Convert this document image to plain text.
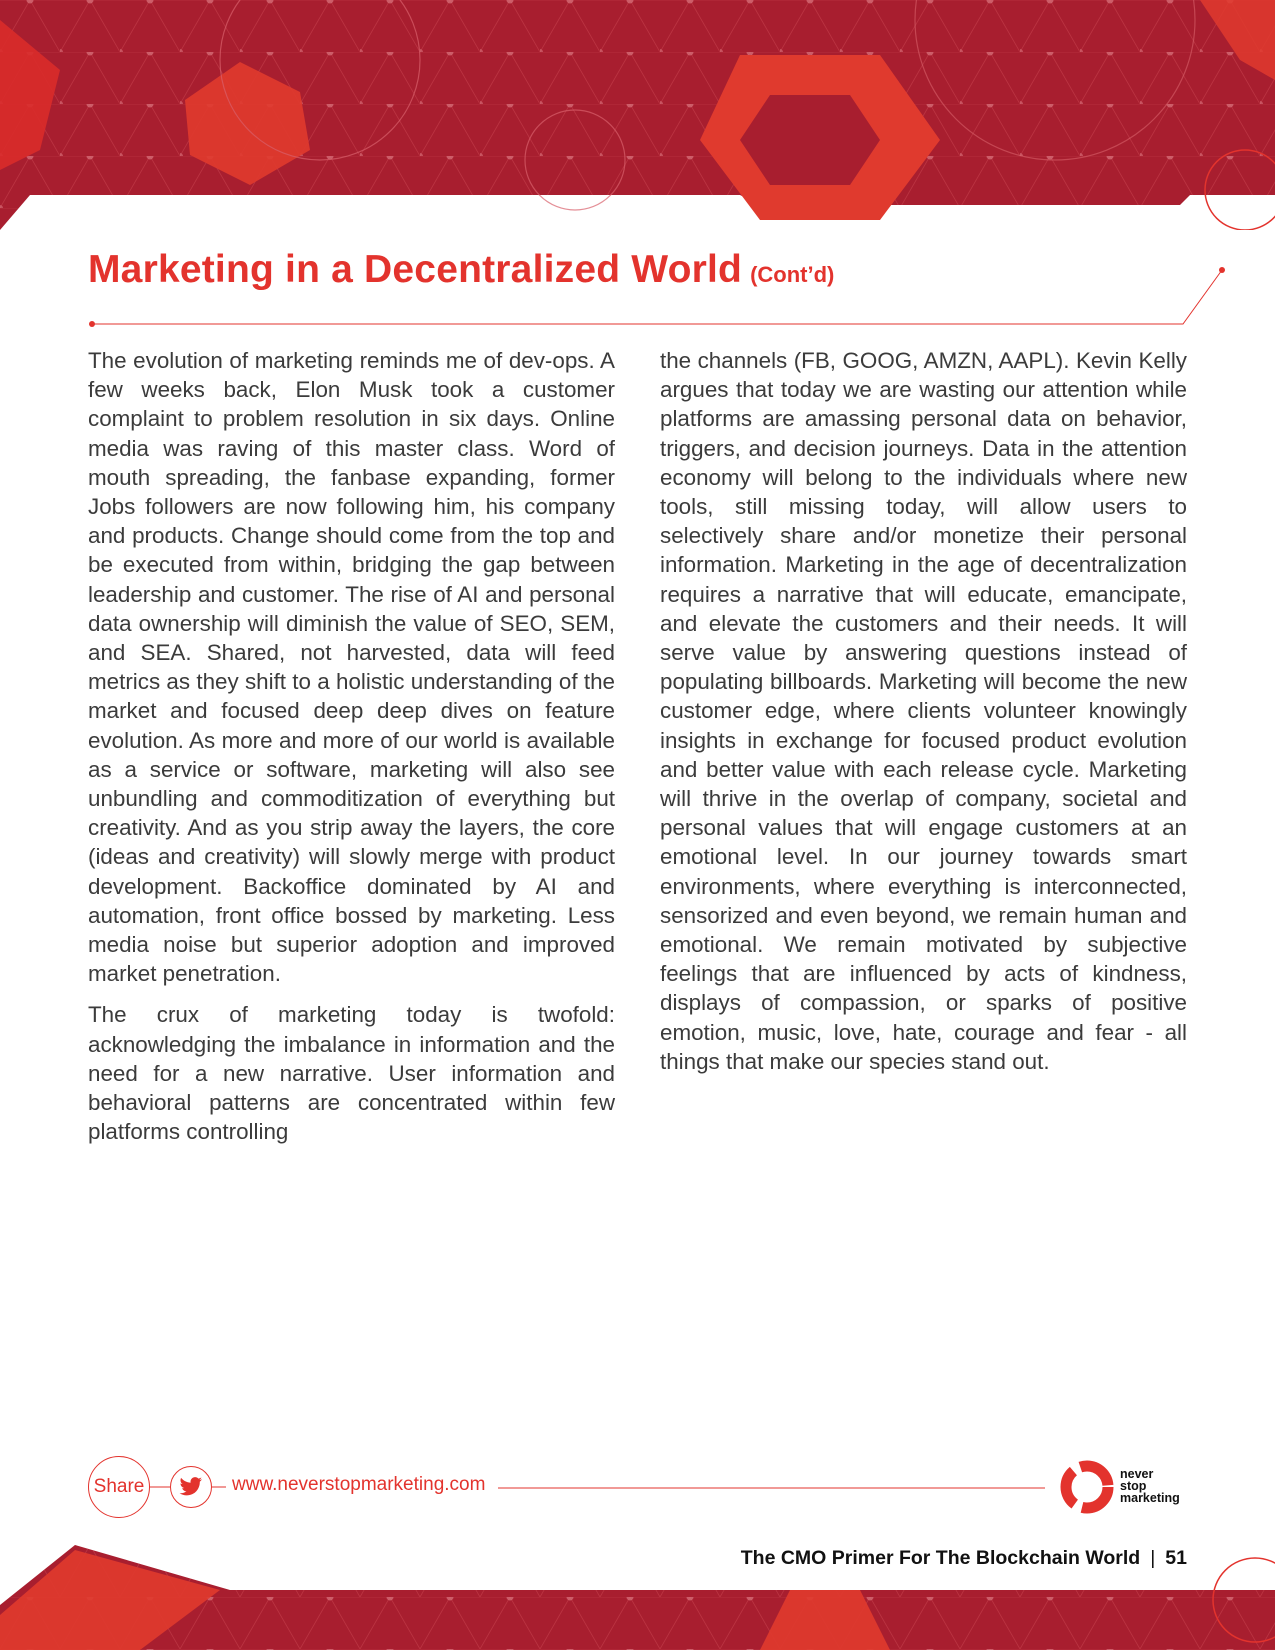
Marketing in a Decentralized World (Cont’d)

The evolution of marketing reminds me of dev-ops. A few weeks back, Elon Musk took a customer complaint to problem resolution in six days. Online media was raving of this master class. Word of mouth spreading, the fanbase expanding, former Jobs followers are now following him, his company and products. Change should come from the top and be executed from within, bridging the gap between leadership and customer. The rise of AI and personal data ownership will diminish the value of SEO, SEM, and SEA. Shared, not harvested, data will feed metrics as they shift to a holistic understanding of the market and focused deep deep dives on feature evolution. As more and more of our world is available as a service or software, marketing will also see unbundling and commoditization of everything but creativity. And as you strip away the layers, the core (ideas and creativity) will slowly merge with product development. Backoffice dominated by AI and automation, front office bossed by marketing. Less media noise but superior adoption and improved market penetration.

The crux of marketing today is twofold: acknowledging the imbalance in information and the need for a new narrative. User information and behavioral patterns are concentrated within few platforms controlling

the channels (FB, GOOG, AMZN, AAPL). Kevin Kelly argues that today we are wasting our attention while platforms are amassing personal data on behavior, triggers, and decision journeys. Data in the attention economy will belong to the individuals where new tools, still missing today, will allow users to selectively share and/or monetize their personal information. Marketing in the age of decentralization requires a narrative that will educate, emancipate, and elevate the customers and their needs. It will serve value by answering questions instead of populating billboards. Marketing will become the new customer edge, where clients volunteer knowingly insights in exchange for focused product evolution and better value with each release cycle. Marketing will thrive in the overlap of company, societal and personal values that will engage customers at an emotional level. In our journey towards smart environments, where everything is interconnected, sensorized and even beyond, we remain human and emotional. We remain motivated by subjective feelings that are influenced by acts of kindness, displays of compassion, or sparks of positive emotion, music, love, hate, courage and fear - all things that make our species stand out.

Share	www.neverstopmarketing.com	never
stop
marketing
The CMO Primer For The Blockchain World | 51
